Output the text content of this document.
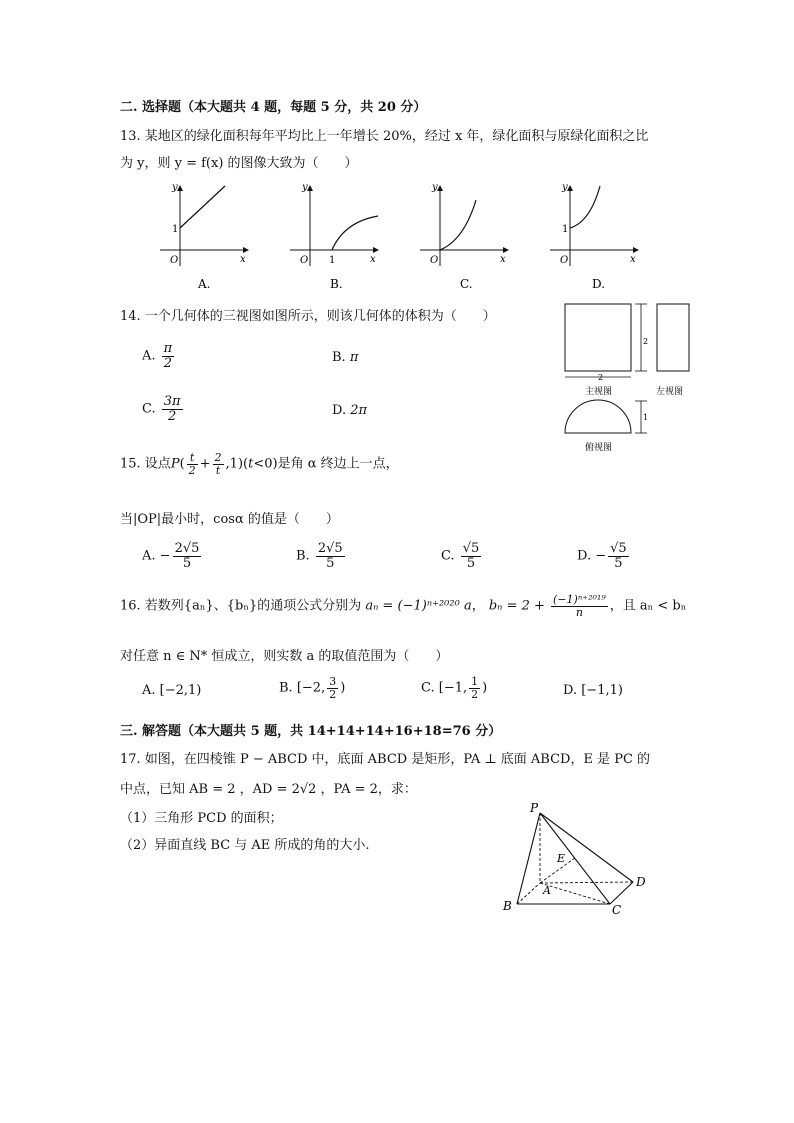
二. 选择题（本大题共 4 题，每题 5 分，共 20 分）
13. 某地区的绿化面积每年平均比上一年增长 20%，经过 x 年，绿化面积与原绿化面积之比
为 y，则 y = f(x) 的图像大致为（　　）
y
x
O
1
A.
y
x
O 1
B.
y
x
O
C.
y
x
O
1
D.
14. 一个几何体的三视图如图所示，则该几何体的体积为（　　）
A. $\frac{\pi}{2}$	B. π
C. $\frac{3\pi}{2}$	D. 2π
2
2
主视图	左视图
1
俯视图
15. 设点$P( \frac{t}{2} + \frac{2}{t} ,1)(t<0)$是角 α 终边上一点，
当|OP|最小时，cosα 的值是（　　）
A. − $\frac{2√5}{5}$	B. $\frac{2√5}{5}$	C. $\frac{√5}{5}$	D. − $\frac{√5}{5}$
16. 若数列{aₙ}、{bₙ}的通项公式分别为 aₙ = (−1)ⁿ⁺²⁰²⁰ a， $b_n = 2 + \frac{\text{(−1)ⁿ⁺²⁰¹⁹}}{n}$ ，且 aₙ < bₙ
对任意 n ∈ N* 恒成立，则实数 a 的取值范围为（　　）
A. [−2,1)	B. [−2, $\frac{3}{2}$ )	C. [−1, $\frac{1}{2}$ )	D. [−1,1)
三. 解答题（本大题共 5 题，共 14+14+14+16+18=76 分）
17. 如图，在四棱锥 P − ABCD 中，底面 ABCD 是矩形，PA ⊥ 底面 ABCD，E 是 PC 的
中点，已知 AB = 2 ，AD = 2√2 ，PA = 2，求：
（1）三角形 PCD 的面积；
（2）异面直线 BC 与 AE 所成的角的大小.
P
A
B	C
D
E
